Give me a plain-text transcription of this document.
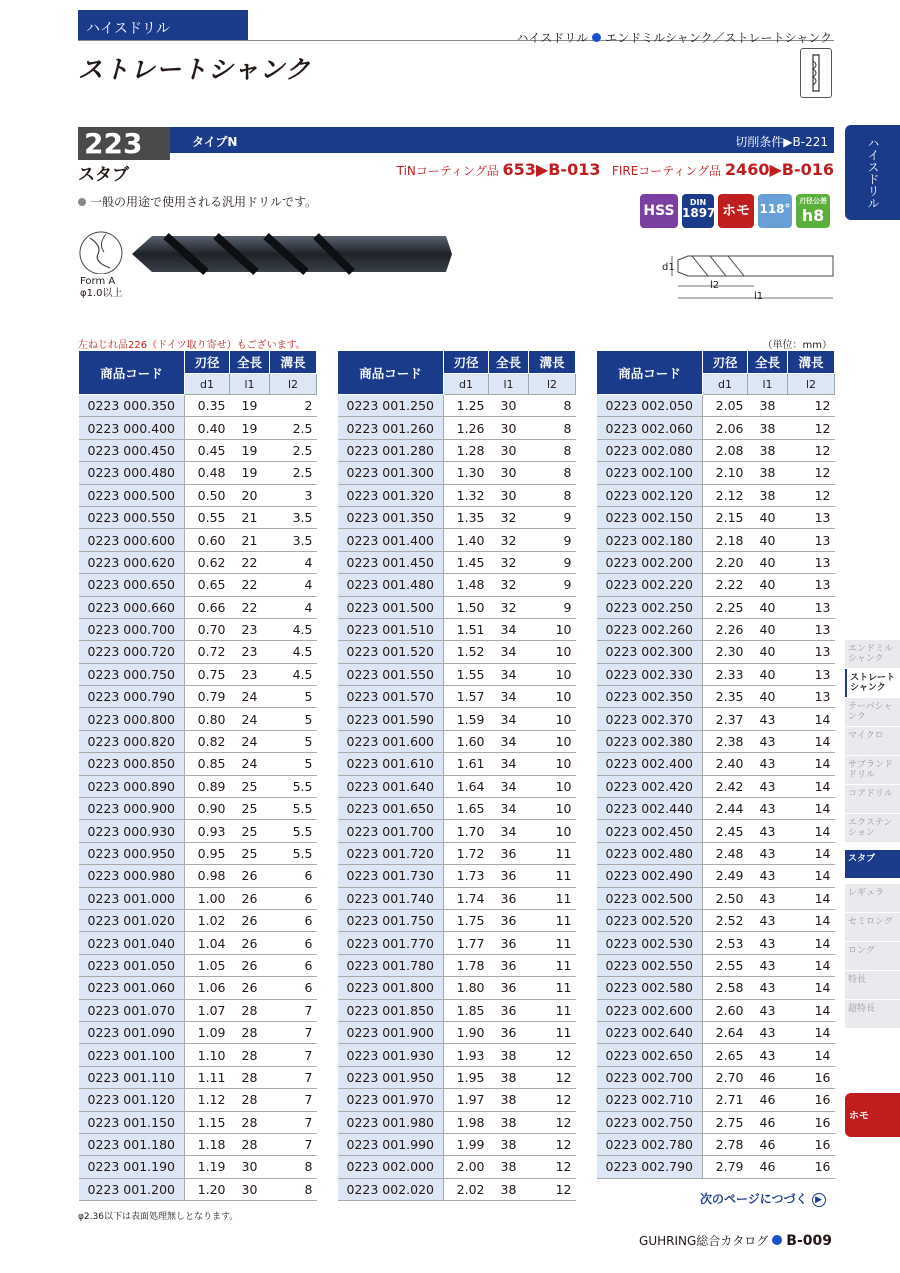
ハイスドリル
ハイスドリル エンドミルシャンク／ストレートシャンク
ストレートシャンク
223	タイプN	切削条件▶B-221
スタブ	TiNコーティング品 653▶B-013 FIREコーティング品 2460▶B-016
一般の用途で使用される汎用ドリルです。
HSS
DIN
1897 ホモ 118°
刃径公差
h8
Form A
φ1.0以上
d1
l2
l1
左ねじれ品226（ドイツ取り寄せ）もございます。	（単位：mm）
商品コード	刃径	全長	溝長
	d1	l1	l2
0223 000.350	0.35	19	2
0223 000.400	0.40	19	2.5
0223 000.450	0.45	19	2.5
0223 000.480	0.48	19	2.5
0223 000.500	0.50	20	3
0223 000.550	0.55	21	3.5
0223 000.600	0.60	21	3.5
0223 000.620	0.62	22	4
0223 000.650	0.65	22	4
0223 000.660	0.66	22	4
0223 000.700	0.70	23	4.5
0223 000.720	0.72	23	4.5
0223 000.750	0.75	23	4.5
0223 000.790	0.79	24	5
0223 000.800	0.80	24	5
0223 000.820	0.82	24	5
0223 000.850	0.85	24	5
0223 000.890	0.89	25	5.5
0223 000.900	0.90	25	5.5
0223 000.930	0.93	25	5.5
0223 000.950	0.95	25	5.5
0223 000.980	0.98	26	6
0223 001.000	1.00	26	6
0223 001.020	1.02	26	6
0223 001.040	1.04	26	6
0223 001.050	1.05	26	6
0223 001.060	1.06	26	6
0223 001.070	1.07	28	7
0223 001.090	1.09	28	7
0223 001.100	1.10	28	7
0223 001.110	1.11	28	7
0223 001.120	1.12	28	7
0223 001.150	1.15	28	7
0223 001.180	1.18	28	7
0223 001.190	1.19	30	8
0223 001.200	1.20	30	8
商品コード	刃径	全長	溝長
	d1	l1	l2
0223 001.250	1.25	30	8
0223 001.260	1.26	30	8
0223 001.280	1.28	30	8
0223 001.300	1.30	30	8
0223 001.320	1.32	30	8
0223 001.350	1.35	32	9
0223 001.400	1.40	32	9
0223 001.450	1.45	32	9
0223 001.480	1.48	32	9
0223 001.500	1.50	32	9
0223 001.510	1.51	34	10
0223 001.520	1.52	34	10
0223 001.550	1.55	34	10
0223 001.570	1.57	34	10
0223 001.590	1.59	34	10
0223 001.600	1.60	34	10
0223 001.610	1.61	34	10
0223 001.640	1.64	34	10
0223 001.650	1.65	34	10
0223 001.700	1.70	34	10
0223 001.720	1.72	36	11
0223 001.730	1.73	36	11
0223 001.740	1.74	36	11
0223 001.750	1.75	36	11
0223 001.770	1.77	36	11
0223 001.780	1.78	36	11
0223 001.800	1.80	36	11
0223 001.850	1.85	36	11
0223 001.900	1.90	36	11
0223 001.930	1.93	38	12
0223 001.950	1.95	38	12
0223 001.970	1.97	38	12
0223 001.980	1.98	38	12
0223 001.990	1.99	38	12
0223 002.000	2.00	38	12
0223 002.020	2.02	38	12
商品コード	刃径	全長	溝長
	d1	l1	l2
0223 002.050	2.05	38	12
0223 002.060	2.06	38	12
0223 002.080	2.08	38	12
0223 002.100	2.10	38	12
0223 002.120	2.12	38	12
0223 002.150	2.15	40	13
0223 002.180	2.18	40	13
0223 002.200	2.20	40	13
0223 002.220	2.22	40	13
0223 002.250	2.25	40	13
0223 002.260	2.26	40	13
0223 002.300	2.30	40	13
0223 002.330	2.33	40	13
0223 002.350	2.35	40	13
0223 002.370	2.37	43	14
0223 002.380	2.38	43	14
0223 002.400	2.40	43	14
0223 002.420	2.42	43	14
0223 002.440	2.44	43	14
0223 002.450	2.45	43	14
0223 002.480	2.48	43	14
0223 002.490	2.49	43	14
0223 002.500	2.50	43	14
0223 002.520	2.52	43	14
0223 002.530	2.53	43	14
0223 002.550	2.55	43	14
0223 002.580	2.58	43	14
0223 002.600	2.60	43	14
0223 002.640	2.64	43	14
0223 002.650	2.65	43	14
0223 002.700	2.70	46	16
0223 002.710	2.71	46	16
0223 002.750	2.75	46	16
0223 002.780	2.78	46	16
0223 002.790	2.79	46	16
φ2.36以下は表面処理無しとなります。
次のページにつづく ▶
GUHRING総合カタログ B-009
ハイスドリル
エンドミルシャンク
ストレートシャンク
テーパシャンク
マイクロ
サブランドドリル
コアドリル
エクステンション
スタブ
レギュラ
セミロング
ロング
特長
超特長
ホモ
